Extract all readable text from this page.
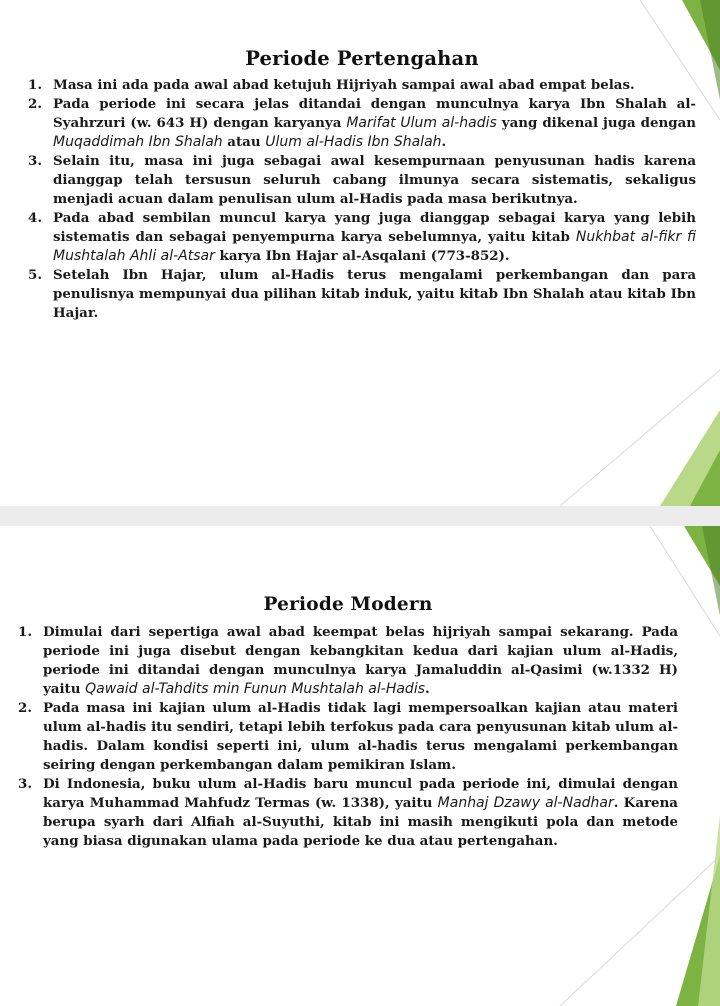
Periode Pertengahan
1. Masa ini ada pada awal abad ketujuh Hijriyah sampai awal abad empat belas.
2. Pada periode ini secara jelas ditandai dengan munculnya karya Ibn Shalah al-Syahrzuri (w. 643 H) dengan karyanya Marifat Ulum al-hadis yang dikenal juga dengan Muqaddimah Ibn Shalah atau Ulum al-Hadis Ibn Shalah.
3. Selain itu, masa ini juga sebagai awal kesempurnaan penyusunan hadis karena dianggap telah tersusun seluruh cabang ilmunya secara sistematis, sekaligus menjadi acuan dalam penulisan ulum al-Hadis pada masa berikutnya.
4. Pada abad sembilan muncul karya yang juga dianggap sebagai karya yang lebih sistematis dan sebagai penyempurna karya sebelumnya, yaitu kitab Nukhbat al-fikr fi Mushtalah Ahli al-Atsar karya Ibn Hajar al-Asqalani (773-852).
5. Setelah Ibn Hajar, ulum al-Hadis terus mengalami perkembangan dan para penulisnya mempunyai dua pilihan kitab induk, yaitu kitab Ibn Shalah atau kitab Ibn Hajar.
Periode Modern
1. Dimulai dari sepertiga awal abad keempat belas hijriyah sampai sekarang. Pada periode ini juga disebut dengan kebangkitan kedua dari kajian ulum al-Hadis, periode ini ditandai dengan munculnya karya Jamaluddin al-Qasimi (w.1332 H) yaitu Qawaid al-Tahdits min Funun Mushtalah al-Hadis.
2. Pada masa ini kajian ulum al-Hadis tidak lagi mempersoalkan kajian atau materi ulum al-hadis itu sendiri, tetapi lebih terfokus pada cara penyusunan kitab ulum al-hadis. Dalam kondisi seperti ini, ulum al-hadis terus mengalami perkembangan seiring dengan perkembangan dalam pemikiran Islam.
3. Di Indonesia, buku ulum al-Hadis baru muncul pada periode ini, dimulai dengan karya Muhammad Mahfudz Termas (w. 1338), yaitu Manhaj Dzawy al-Nadhar. Karena berupa syarh dari Alfiah al-Suyuthi, kitab ini masih mengikuti pola dan metode yang biasa digunakan ulama pada periode ke dua atau pertengahan.
